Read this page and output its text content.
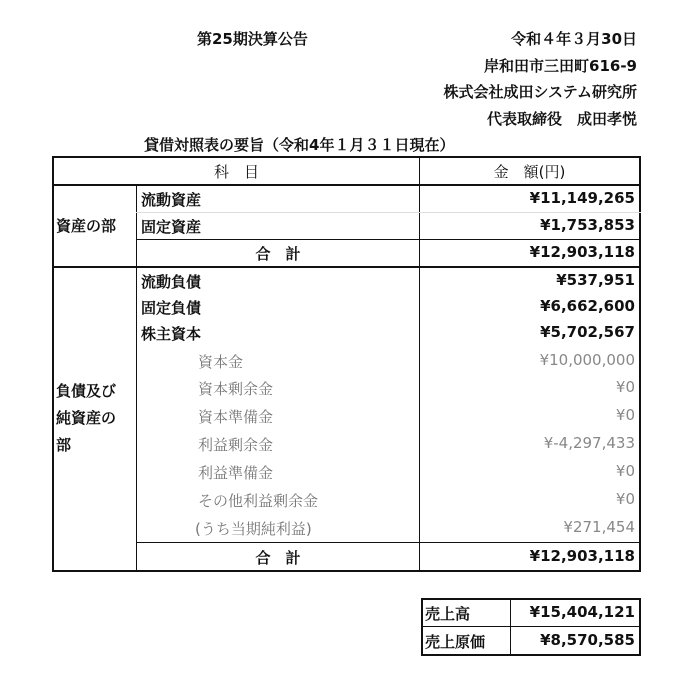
第25期決算公告	令和４年３月30日
岸和田市三田町616-9
株式会社成田システム研究所
代表取締役　成田孝悦
貸借対照表の要旨（令和4年１月３１日現在）
科　目	金　額(円)
資産の部
流動資産	¥11,149,265
固定資産	¥1,753,853
合　計	¥12,903,118
負債及び
純資産の
部
流動負債	¥537,951
固定負債	¥6,662,600
株主資本	¥5,702,567
資本金	¥10,000,000
資本剰余金	¥0
資本準備金	¥0
利益剰余金	¥-4,297,433
利益準備金	¥0
その他利益剰余金	¥0
(うち当期純利益)	¥271,454
合　計	¥12,903,118
売上高	¥15,404,121
売上原価	¥8,570,585
